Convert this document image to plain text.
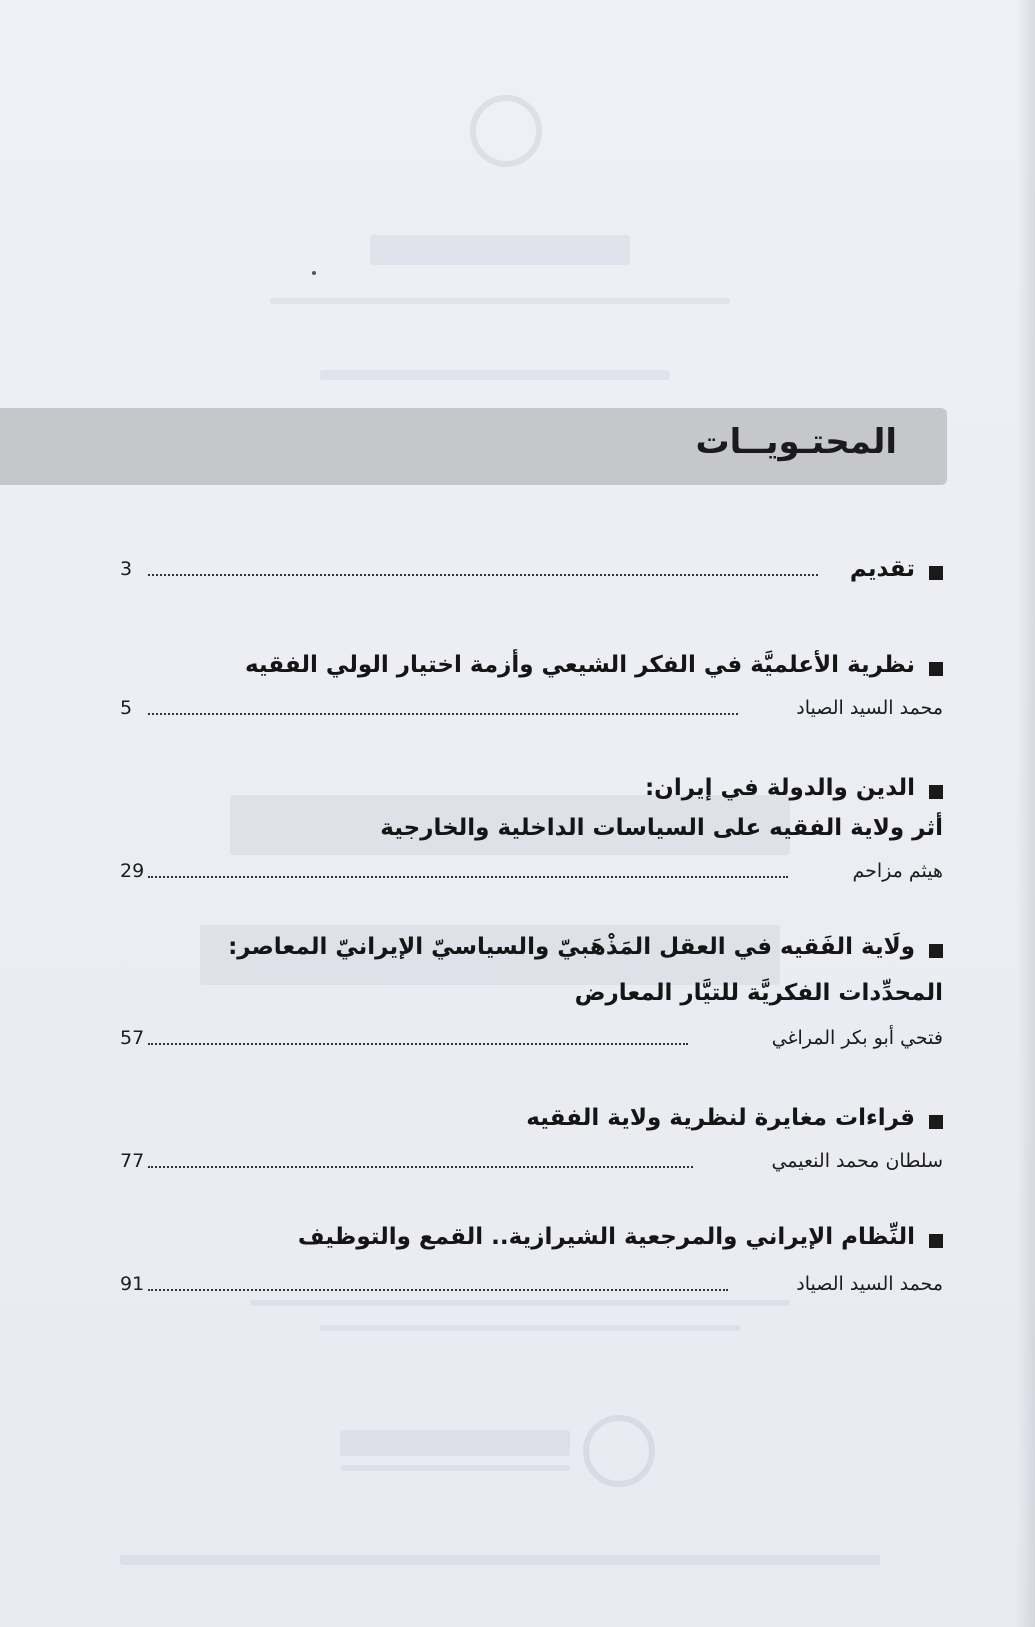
المحتـويــات
تقديم
3
نظرية الأعلميَّة في الفكر الشيعي وأزمة اختيار الولي الفقيه
محمد السيد الصياد
5
الدين والدولة في إيران:
أثر ولاية الفقيه على السياسات الداخلية والخارجية
هيثم مزاحم
29
ولَاية الفَقيه في العقل المَذْهَبيّ والسياسيّ الإيرانيّ المعاصر:
المحدِّدات الفكريَّة للتيَّار المعارض
فتحي أبو بكر المراغي
57
قراءات مغايرة لنظرية ولاية الفقيه
سلطان محمد النعيمي
77
النِّظام الإيراني والمرجعية الشيرازية.. القمع والتوظيف
محمد السيد الصياد
91
